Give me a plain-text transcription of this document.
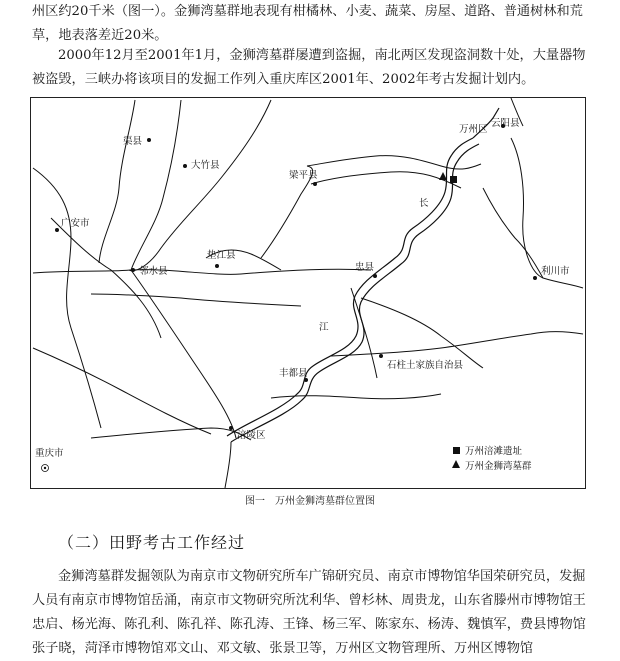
州区约20千米（图一）。金狮湾墓群地表现有柑橘林、小麦、蔬菜、房屋、道路、普通树林和荒草，地表落差近20米。

2000年12月至2001年1月，金狮湾墓群屡遭到盗掘，南北两区发现盗洞数十处，大量器物被盗毁，三峡办将该项目的发掘工作列入重庆库区2001年、2002年考古发掘计划内。

渠县
大竹县
梁平县
万州区
云阳县
广安市
邻水县
垫江县
忠县	利川市
丰都县
石柱土家族自治县
涪陵区
重庆市
长
江
万州涪滩遗址
万州金狮湾墓群
图一　万州金狮湾墓群位置图
（二）田野考古工作经过

金狮湾墓群发掘领队为南京市文物研究所车广锦研究员、南京市博物馆华国荣研究员，发掘人员有南京市博物馆岳涌，南京市文物研究所沈利华、曾杉林、周贵龙，山东省滕州市博物馆王忠启、杨光海、陈孔利、陈孔祥、陈孔涛、王锋、杨三军、陈家东、杨涛、魏慎军，费县博物馆张子晓，菏泽市博物馆邓文山、邓文敏、张景卫等，万州区文物管理所、万州区博物馆
